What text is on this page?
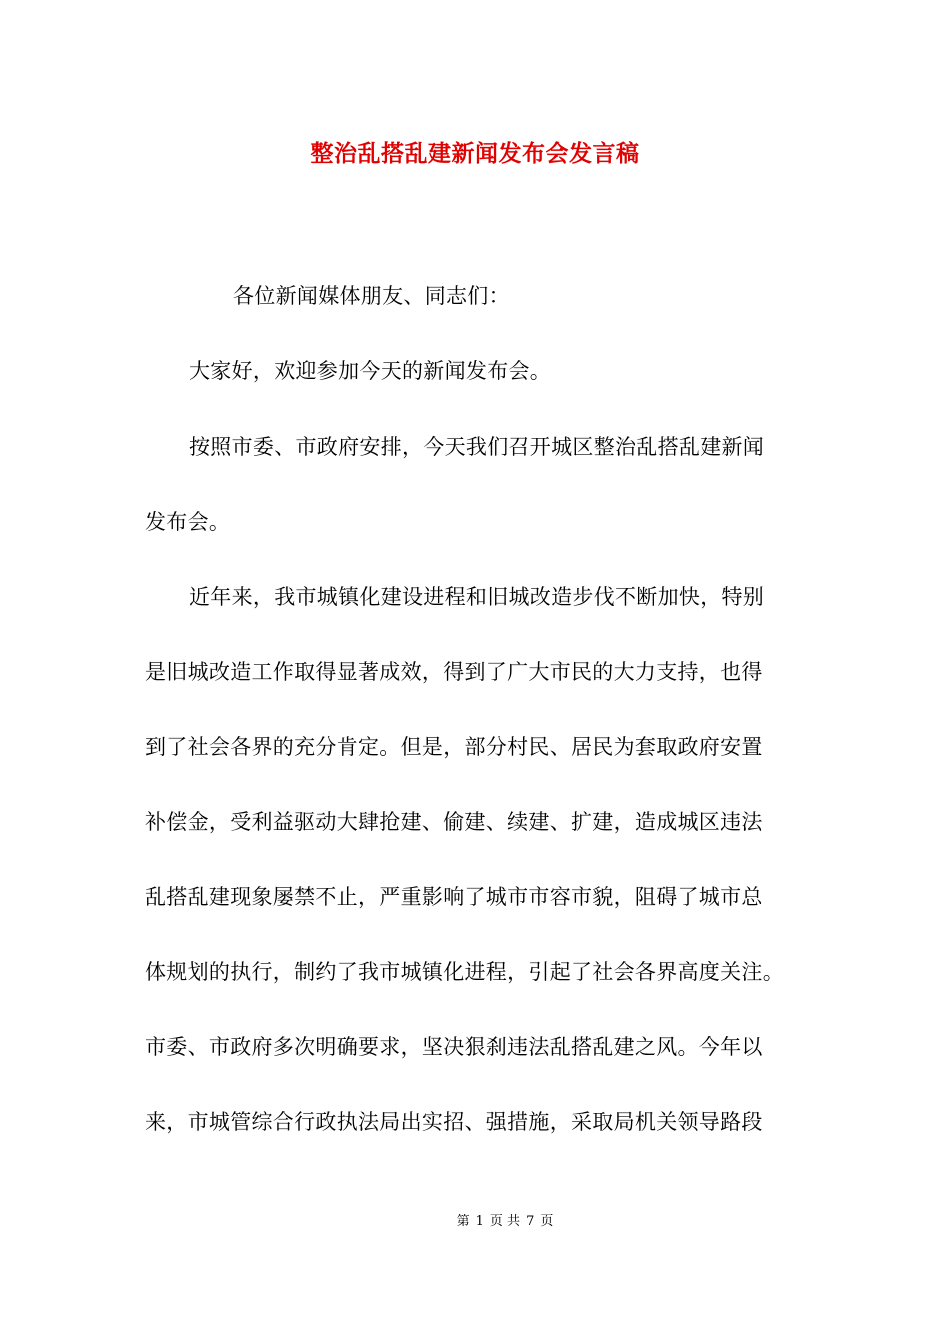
整治乱搭乱建新闻发布会发言稿
各位新闻媒体朋友、同志们：
大家好，欢迎参加今天的新闻发布会。
按照市委、市政府安排，今天我们召开城区整治乱搭乱建新闻
发布会。
近年来，我市城镇化建设进程和旧城改造步伐不断加快，特别
是旧城改造工作取得显著成效，得到了广大市民的大力支持，也得
到了社会各界的充分肯定。但是，部分村民、居民为套取政府安置
补偿金，受利益驱动大肆抢建、偷建、续建、扩建，造成城区违法
乱搭乱建现象屡禁不止，严重影响了城市市容市貌，阻碍了城市总
体规划的执行，制约了我市城镇化进程，引起了社会各界高度关注。
市委、市政府多次明确要求，坚决狠刹违法乱搭乱建之风。今年以
来，市城管综合行政执法局出实招、强措施，采取局机关领导路段
第 1 页 共 7 页
